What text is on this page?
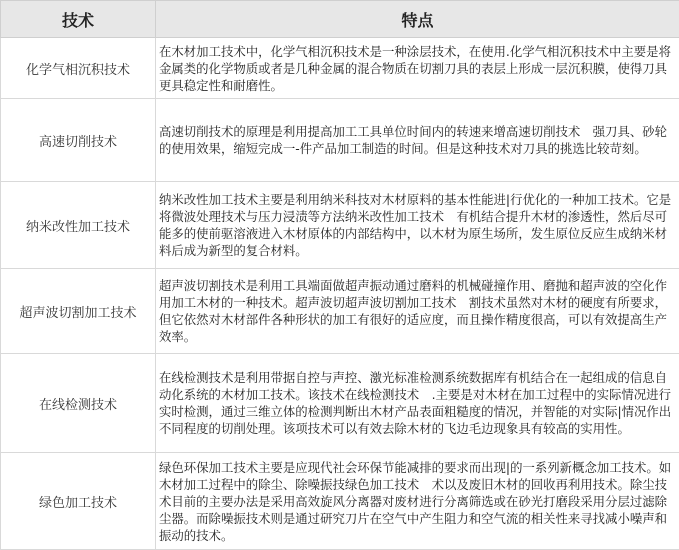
技术	特点
化学气相沉积技术	在木材加工技术中，化学气相沉积技术是一种涂层技术，在使用.化学气相沉积技术中主要是将金属类的化学物质或者是几种金属的混合物质在切割刀具的表层上形成一层沉积膜，使得刀具更具稳定性和耐磨性。
高速切削技术	高速切削技术的原理是利用提高加工工具单位时间内的转速来增高速切削技术　强刀具、砂轮的使用效果，缩短完成一-件产品加工制造的时间。但是这种技术对刀具的挑选比较苛刻。
纳米改性加工技术	纳米改性加工技术主要是利用纳米科技对木材原料的基本性能进|行优化的一种加工技术。它是将微波处理技术与压力浸渍等方法纳米改性加工技术　有机结合提升木材的渗透性，然后尽可能多的使前驱溶液进入木材原体的内部结构中，以木材为原生场所，发生原位反应生成纳米材料后成为新型的复合材料。
超声波切割加工技术	超声波切割技术是利用工具端面做超声振动通过磨料的机械碰撞作用、磨抛和超声波的空化作用加工木材的一种技术。超声波切超声波切割加工技术　割技术虽然对木材的硬度有所要求，但它依然对木材部件各种形状的加工有很好的适应度，而且操作精度很高，可以有效提高生产效率。
在线检测技术	在线检测技术是利用带据自控与声控、激光标准检测系统数据库有机结合在一起组成的信息自动化系统的木材加工技术。该技术在线检测技术　.主要是对木材在加工过程中的实际情况进行实时检测，通过三维立体的检测判断出木材产品表面粗糙度的情况，并智能的对实际|情况作出不同程度的切削处理。该项技术可以有效去除木材的飞边毛边现象具有较高的实用性。
绿色加工技术	绿色环保加工技术主要是应现代社会环保节能减排的要求而出现|的一系列新概念加工技术。如木材加工过程中的除尘、除噪振技绿色加工技术　术以及废旧木材的回收再利用技术。除尘技术目前的主要办法是采用高效旋风分离器对废材进行分离筛选或在砂光打磨段采用分层过滤除尘器。而除噪振技术则是通过研究刀片在空气中产生阻力和空气流的相关性来寻找减小噪声和振动的技术。
